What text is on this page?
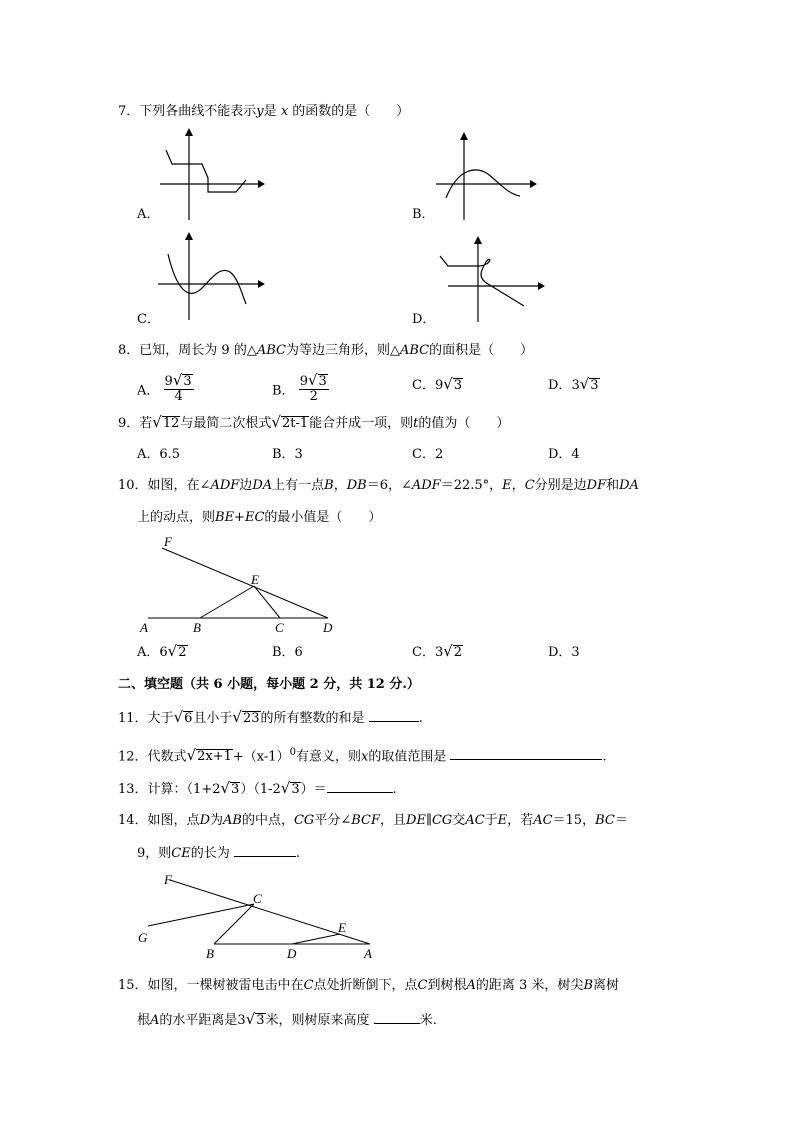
7．下列各曲线不能表示y是 x 的函数的是（　　）
A．	B．
C．	D．
8．已知，周长为 9 的△ABC为等边三角形，则△ABC的面积是（　　）
A． $\frac{9√3}{4}$	B． $\frac{9√3}{2}$	C．9√3	D．3√3
9．若√12与最简二次根式√2t-1能合并成一项，则t的值为（　　）
A．6.5	B．3	C．2	D．4
10．如图，在∠ADF边DA上有一点B，DB＝6，∠ADF＝22.5°，E，C分别是边DF和DA
上的动点，则BE+EC的最小值是（　　）
F
E
A	B	C	D
A．6√2	B．6	C．3√2	D．3
二、填空题（共 6 小题，每小题 2 分，共 12 分.）
11．大于√6且小于√23的所有整数的和是	.
12．代数式$√2x+1+(x-1)^0$有意义，则x的取值范围是	.
13．计算：（1+2√3）（1-2√3）＝	.
14．如图，点D为AB的中点，CG平分∠BCF，且DE∥CG交AC于E，若AC＝15，BC＝
9，则CE的长为	.
F
C
E
G
B	D	A
15．如图，一棵树被雷电击中在C点处折断倒下，点C到树根A的距离 3 米，树尖B离树
根A的水平距离是3√3米，则树原来高度	米.
